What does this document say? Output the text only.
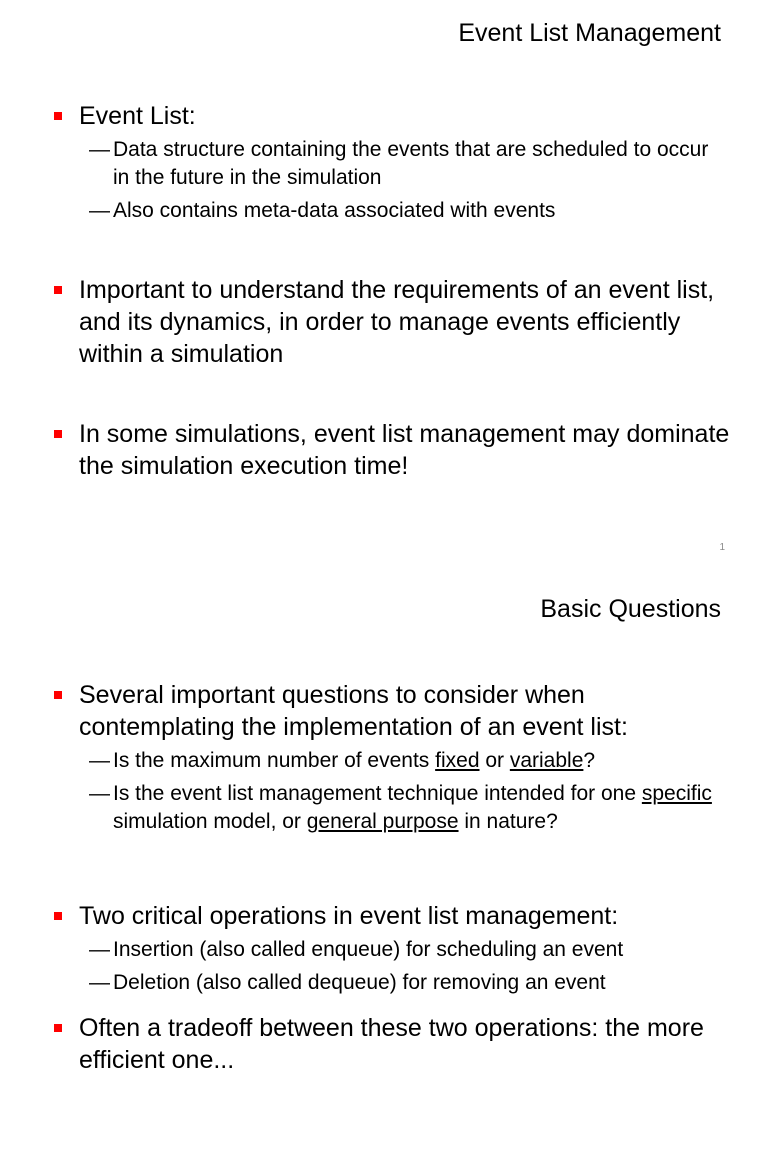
Event List Management
Event List:
— Data structure containing the events that are scheduled to occur in the future in the simulation
— Also contains meta-data associated with events
Important to understand the requirements of an event list, and its dynamics, in order to manage events efficiently within a simulation
In some simulations, event list management may dominate the simulation execution time!
1
Basic Questions
Several important questions to consider when contemplating the implementation of an event list:
— Is the maximum number of events fixed or variable?
— Is the event list management technique intended for one specific simulation model, or general purpose in nature?
Two critical operations in event list management:
— Insertion (also called enqueue) for scheduling an event
— Deletion (also called dequeue) for removing an event
Often a tradeoff between these two operations: the more efficient one...
